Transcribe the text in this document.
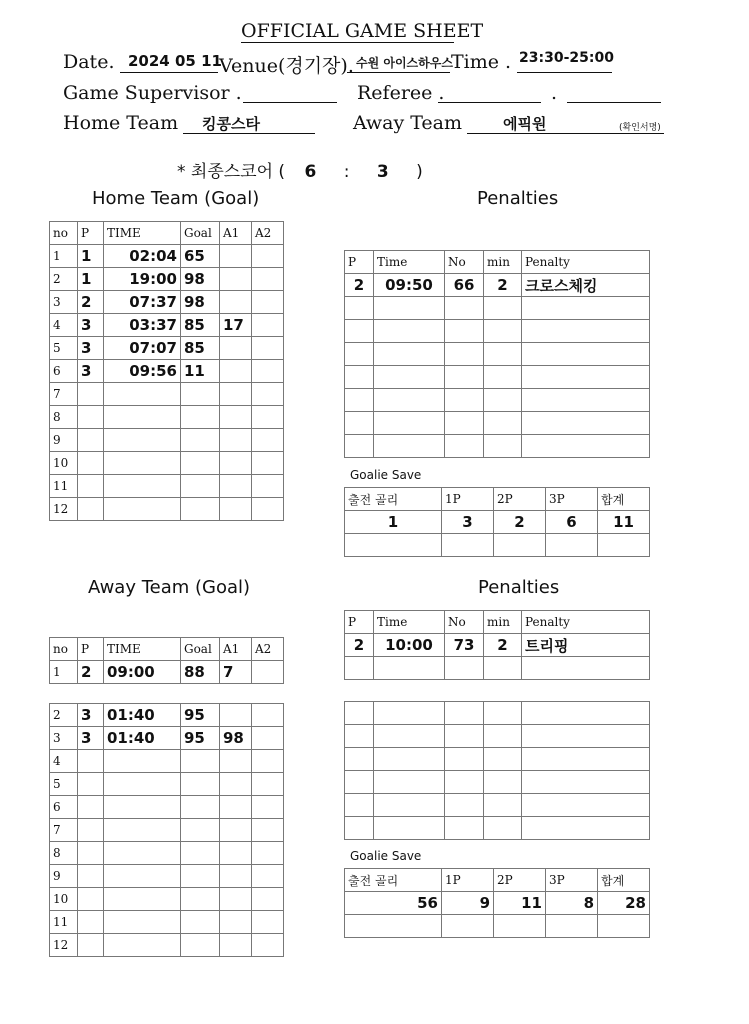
OFFICIAL GAME SHEET
Date. 2024 05 11
Venue(경기장). 수원 아이스하우스
Time . 23:30-25:00
Game Supervisor .	Referee .	.
Home Team 킹콩스타	Away Team	에픽원	(확인서명)
* 최종스코어 ( 6 : 3 )
Home Team (Goal)	Penalties
Away Team (Goal)	Penalties
no	P	TIME	Goal	A1	A2
1	1	02:04	65		
2	1	19:00	98		
3	2	07:37	98		
4	3	03:37	85	17	
5	3	07:07	85		
6	3	09:56	11		
7					
8					
9					
10					
11					
12					
P	Time	No	min	Penalty
2	09:50	66	2	크로스체킹

Goalie Save
출전 골리	1P	2P	3P	합계
1	3	2	6	11

no	P	TIME	Goal	A1	A2
1	2	09:00	88	7	
2	3	01:40	95		
3	3	01:40	95	98	
4					
5					
6					
7					
8					
9					
10					
11					
12					
P	Time	No	min	Penalty
2	10:00	73	2	트리핑

Goalie Save
출전 골리	1P	2P	3P	합계
56	9	11	8	28
